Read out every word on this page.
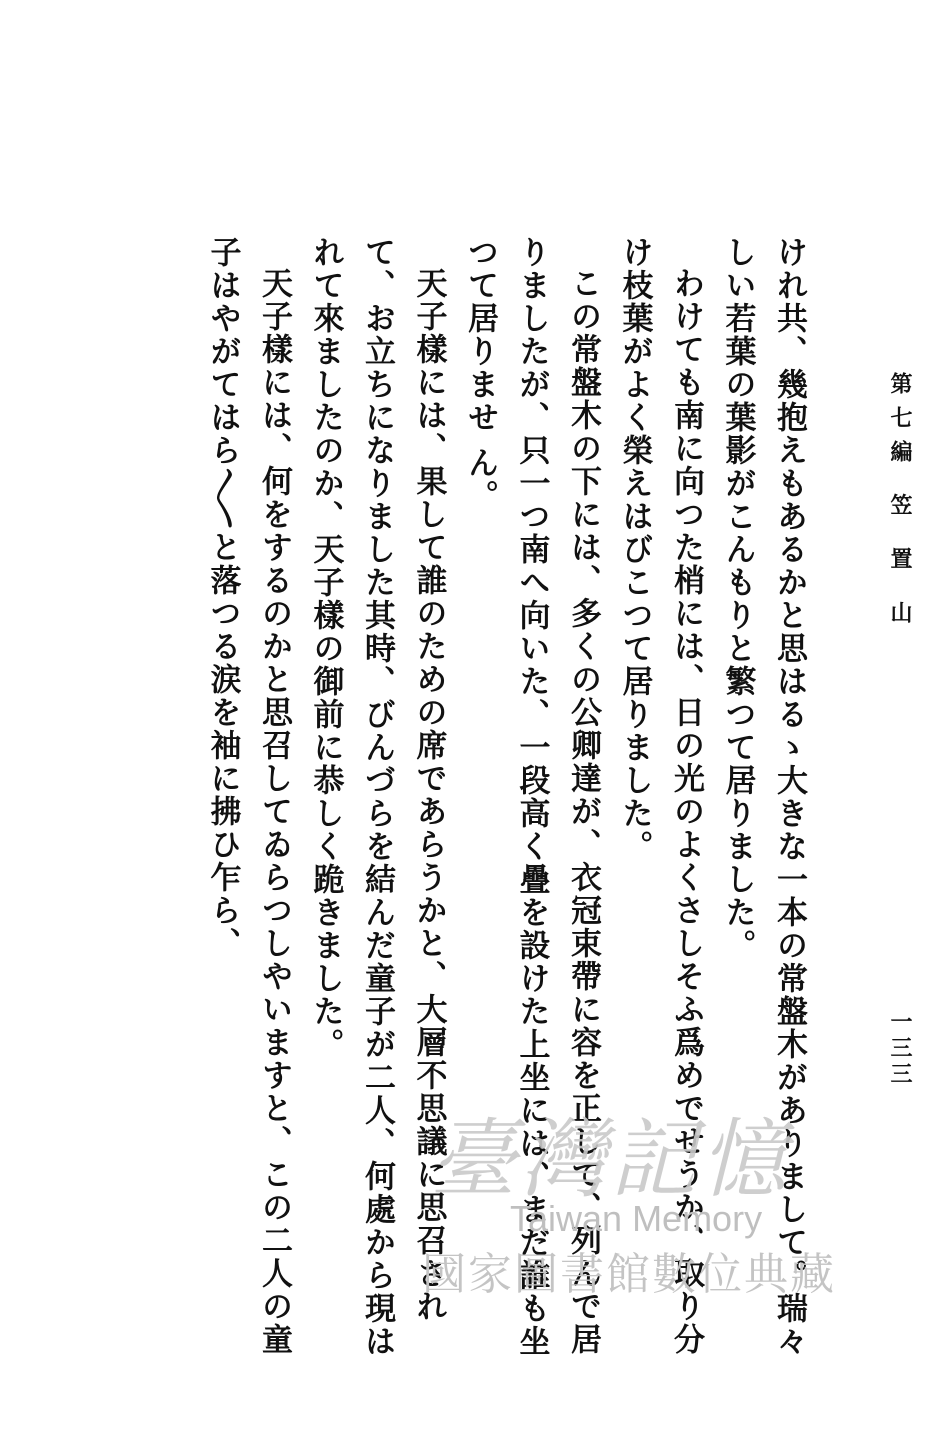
第七編 笠 置 山
一三三

けれ共、幾抱えもあるかと思はるゝ大きな一本の常盤木がありまして。瑞々しい若葉の葉影がこんもりと繁つて居りました。

わけても南に向つた梢には、日の光のよくさしそふ爲めでせうか、取り分け枝葉がよく榮えはびこつて居りました。

この常盤木の下には、多くの公卿達が、衣冠束帶に容を正して、列んで居りましたが、只一つ南へ向いた、一段高く疊を設けた上坐には、まだ誰も坐つて居りませ ん。

天子樣には、果して誰のための席であらうかと、大層不思議に思召されて、お立ちになりました其時、びんづらを結んだ童子が二人、何處から現はれて來ましたのか、天子樣の御前に恭しく跪きました。

天子樣には、何をするのかと思召してゐらつしやいますと、この二人の童子はやがてはら〳〵と落つる涙を袖に拂ひ乍ら、

臺灣記憶
Taiwan Memory
國家圖書館數位典藏
